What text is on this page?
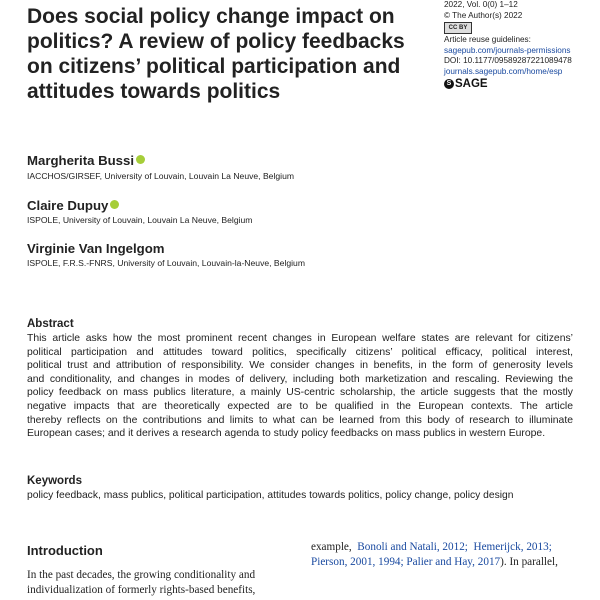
Does social policy change impact on
politics? A review of policy feedbacks
on citizens’ political participation and
attitudes towards politics
2022, Vol. 0(0) 1–12
© The Author(s) 2022
CC BY
Article reuse guidelines:
sagepub.com/journals-permissions
DOI: 10.1177/09589287221089478
journals.sagepub.com/home/esp
S SAGE
Margherita Bussi
IACCHOS/GIRSEF, University of Louvain, Louvain La Neuve, Belgium
Claire Dupuy
ISPOLE, University of Louvain, Louvain La Neuve, Belgium
Virginie Van Ingelgom
ISPOLE, F.R.S.-FNRS, University of Louvain, Louvain-la-Neuve, Belgium
Abstract
This article asks how the most prominent recent changes in European welfare states are relevant for citizens’
political participation and attitudes toward politics, specifically citizens’ political efficacy, political interest,
political trust and attribution of responsibility. We consider changes in benefits, in the form of generosity levels
and conditionality, and changes in modes of delivery, including both marketization and rescaling. Reviewing the
policy feedback on mass publics literature, a mainly US-centric scholarship, the article suggests that the mostly
negative impacts that are theoretically expected are to be qualified in the European contexts. The article
thereby reflects on the contributions and limits to what can be learned from this body of research to illuminate
European cases; and it derives a research agenda to study policy feedbacks on mass publics in western Europe.
Keywords
policy feedback, mass publics, political participation, attitudes towards politics, policy change, policy design
Introduction
In the past decades, the growing conditionality and
individualization of formerly rights-based benefits,
example, Bonoli and Natali, 2012; Hemerijck, 2013;
Pierson, 2001, 1994; Palier and Hay, 2017). In parallel,
